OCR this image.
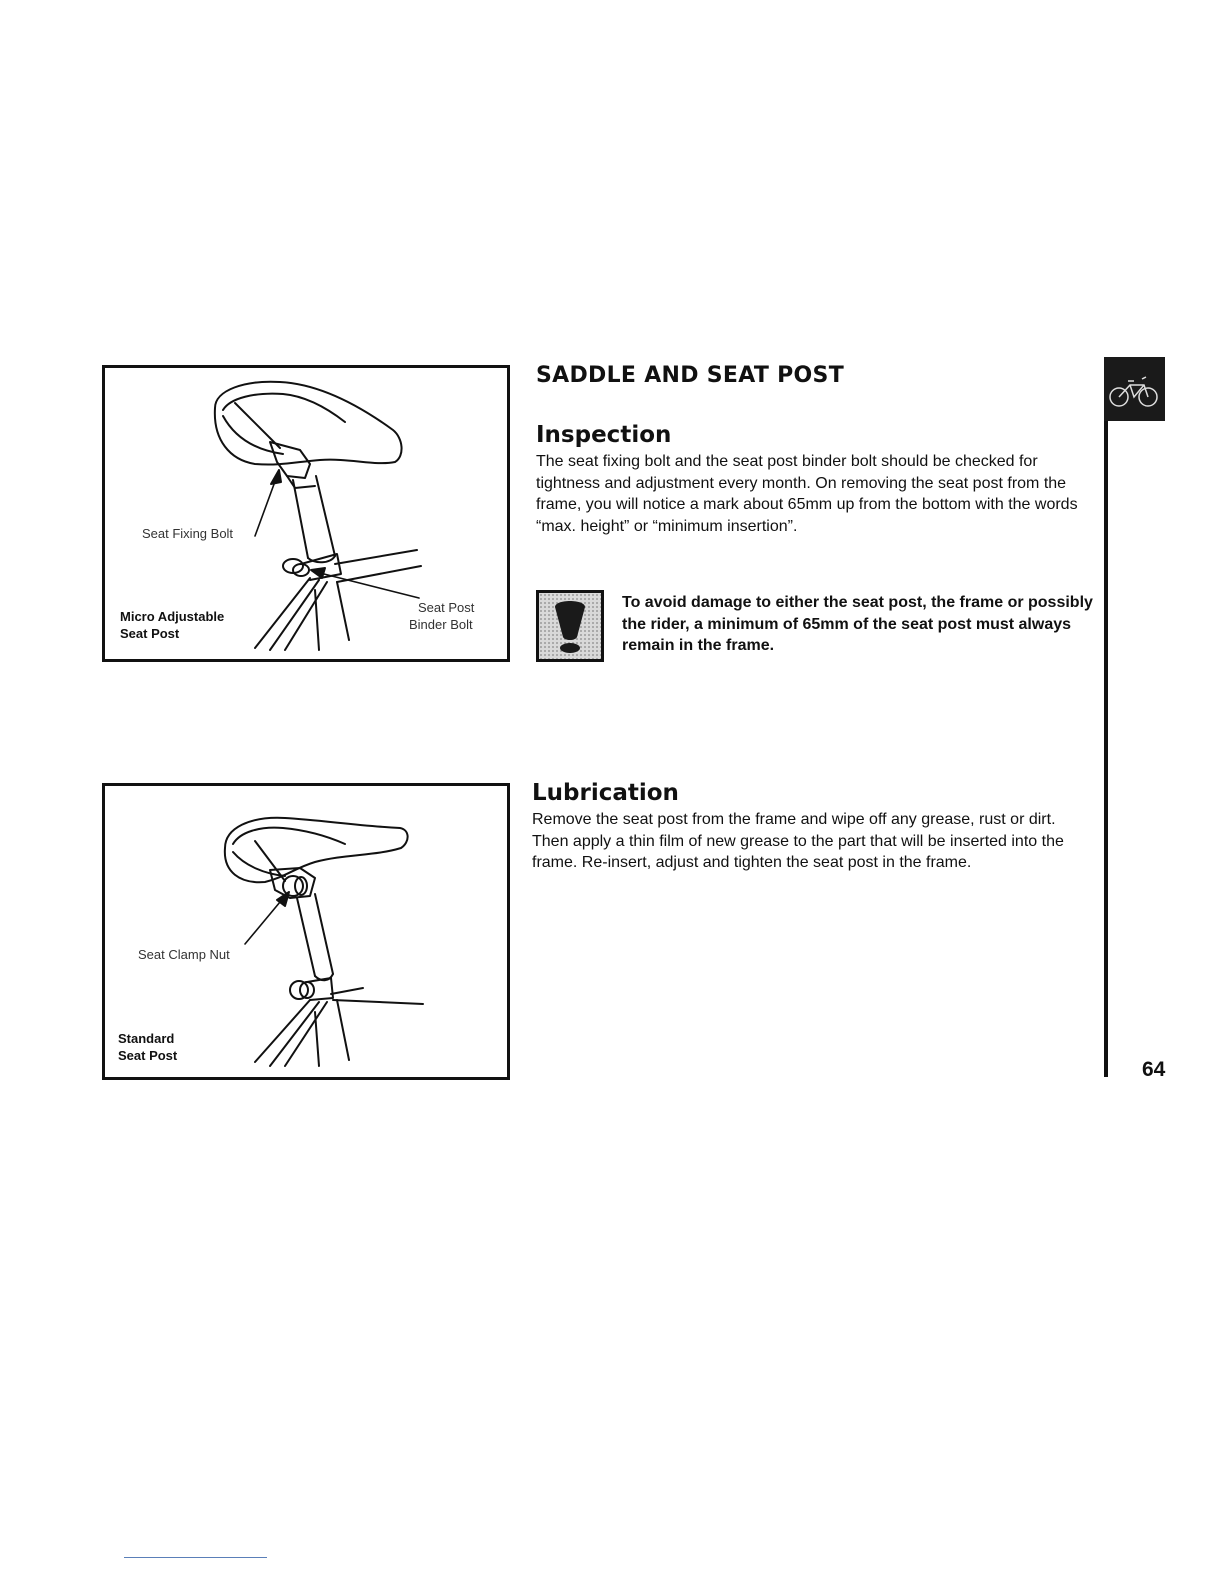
Seat Fixing Bolt
Seat Post
Binder Bolt
Micro Adjustable
Seat Post
SADDLE AND SEAT POST
Inspection

The seat fixing bolt and the seat post binder bolt should be checked for tightness and adjustment every month. On removing the seat post from the frame, you will notice a mark about 65mm up from the bottom with the words “max. height” or “minimum insertion”.

To avoid damage to either the seat post, the frame or possibly the rider, a minimum of 65mm of the seat post must always remain in the frame.

Seat Clamp Nut
Standard
Seat Post
Lubrication

Remove the seat post from the frame and wipe off any grease, rust or dirt. Then apply a thin film of new grease to the part that will be inserted into the frame. Re-insert, adjust and tighten the seat post in the frame.

64
